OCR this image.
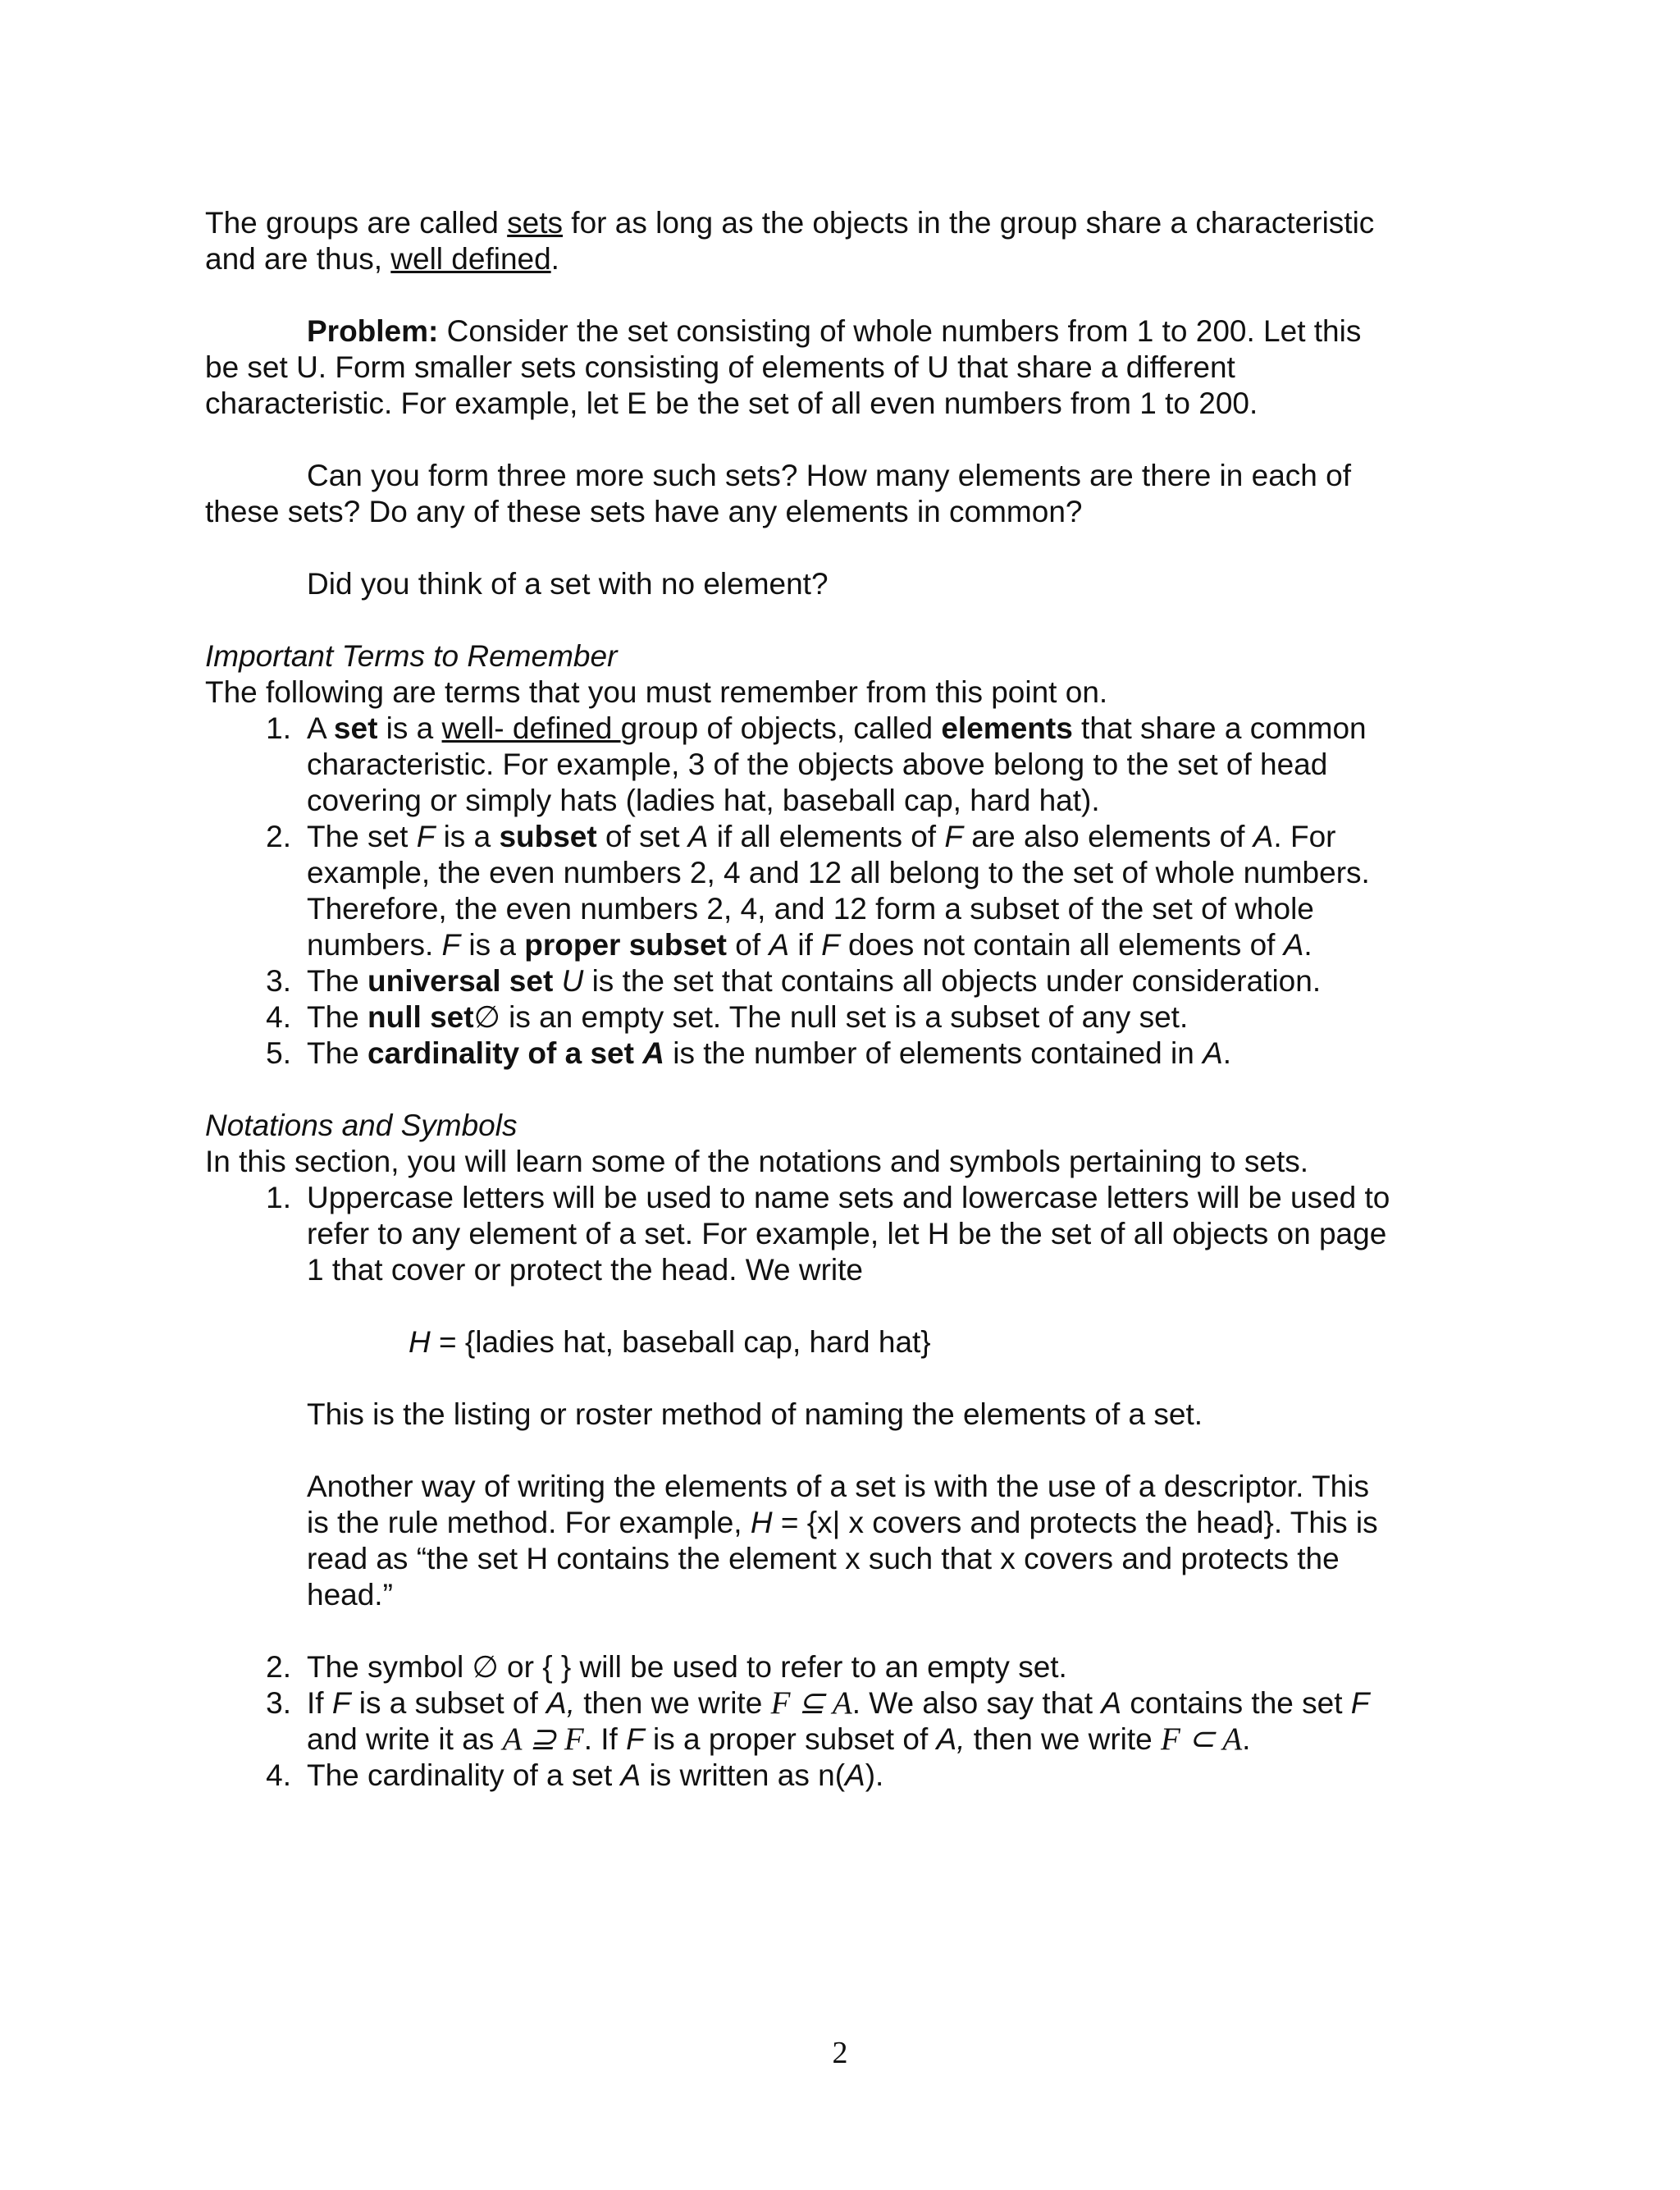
The groups are called sets for as long as the objects in the group share a characteristic and are thus, well defined.

Problem: Consider the set consisting of whole numbers from 1 to 200. Let this be set U. Form smaller sets consisting of elements of U that share a different characteristic. For example, let E be the set of all even numbers from 1 to 200.

Can you form three more such sets? How many elements are there in each of these sets? Do any of these sets have any elements in common?

Did you think of a set with no element?

Important Terms to Remember

The following are terms that you must remember from this point on.

1. A set is a well- defined group of objects, called elements that share a common characteristic. For example, 3 of the objects above belong to the set of head covering or simply hats (ladies hat, baseball cap, hard hat).
2. The set F is a subset of set A if all elements of F are also elements of A. For example, the even numbers 2, 4 and 12 all belong to the set of whole numbers. Therefore, the even numbers 2, 4, and 12 form a subset of the set of whole numbers. F is a proper subset of A if F does not contain all elements of A.
3. The universal set U is the set that contains all objects under consideration.
4. The null set∅ is an empty set. The null set is a subset of any set.
5. The cardinality of a set A is the number of elements contained in A.

Notations and Symbols

In this section, you will learn some of the notations and symbols pertaining to sets.

1. Uppercase letters will be used to name sets and lowercase letters will be used to refer to any element of a set. For example, let H be the set of all objects on page 1 that cover or protect the head. We write

H = {ladies hat, baseball cap, hard hat}

This is the listing or roster method of naming the elements of a set.

Another way of writing the elements of a set is with the use of a descriptor. This is the rule method. For example, H = {x| x covers and protects the head}. This is read as “the set H contains the element x such that x covers and protects the head.”

2. The symbol ∅ or { } will be used to refer to an empty set.
3. If F is a subset of A, then we write F ⊆ A. We also say that A contains the set F and write it as A ⊇ F. If F is a proper subset of A, then we write F ⊂ A.
4. The cardinality of a set A is written as n(A).
2
